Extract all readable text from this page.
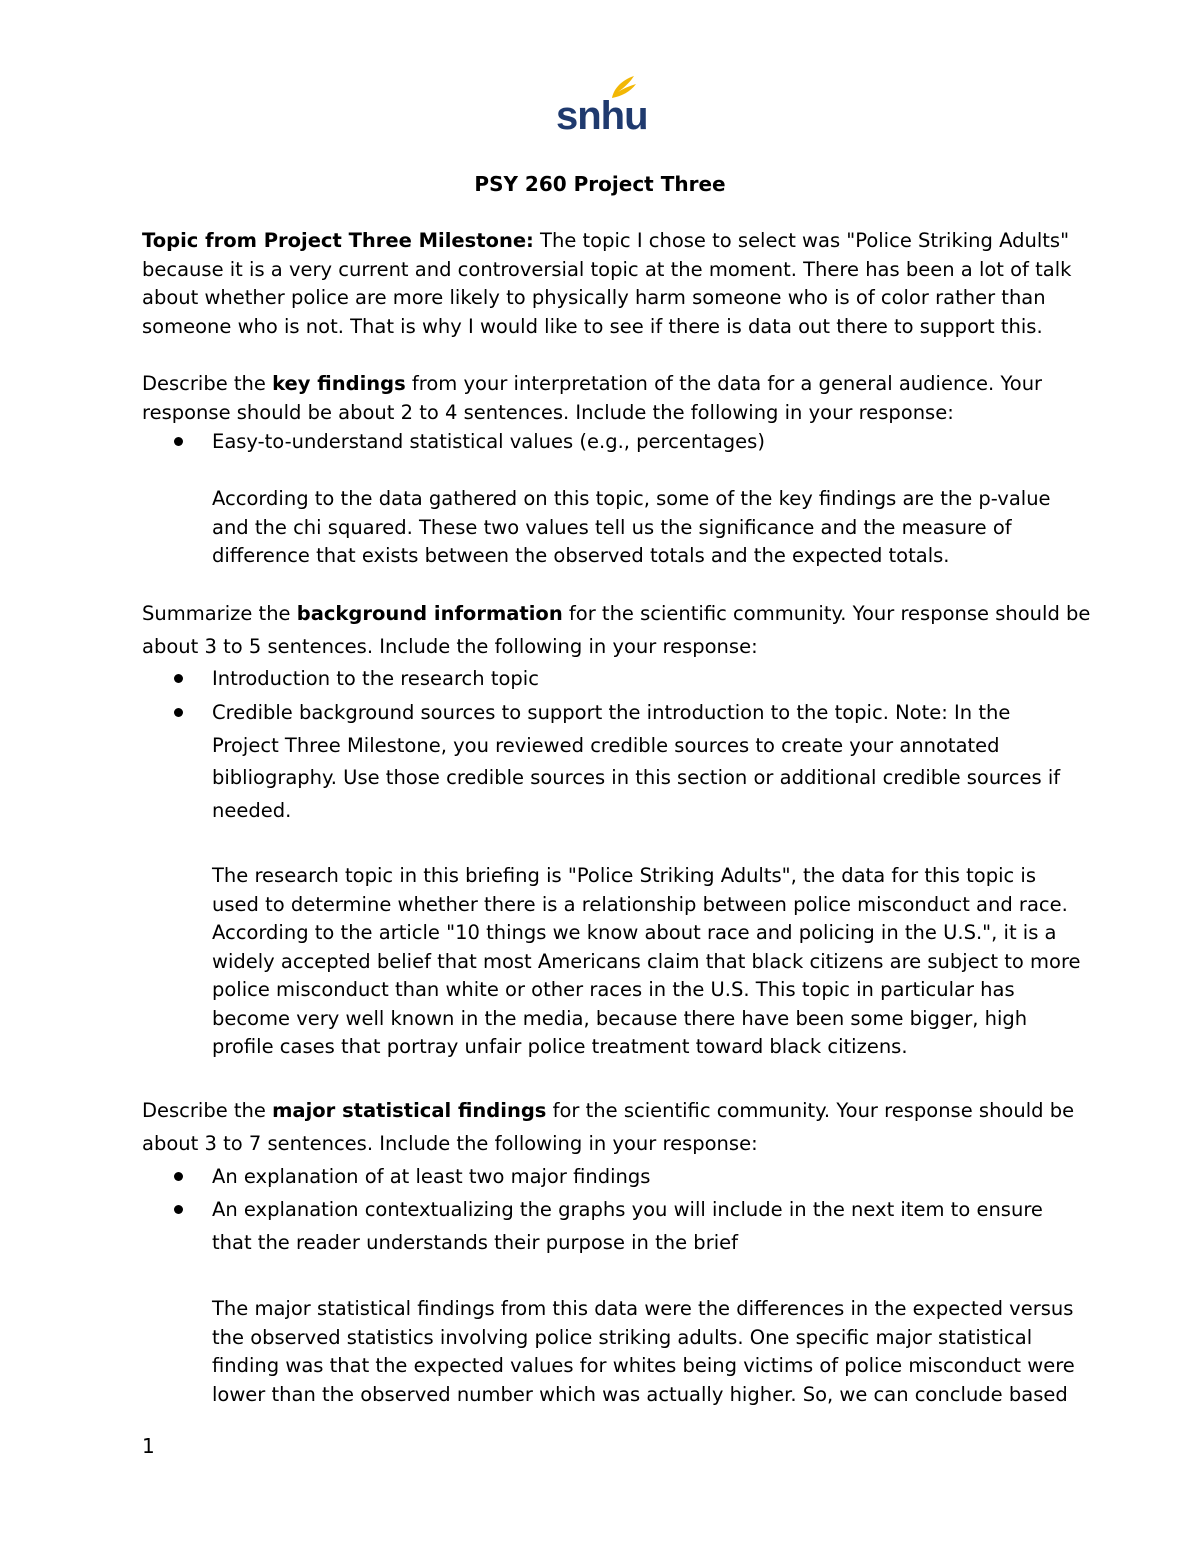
snhu
PSY 260 Project Three
Topic from Project Three Milestone: The topic I chose to select was "Police Striking Adults"
because it is a very current and controversial topic at the moment. There has been a lot of talk
about whether police are more likely to physically harm someone who is of color rather than
someone who is not. That is why I would like to see if there is data out there to support this.
Describe the key findings from your interpretation of the data for a general audience. Your
response should be about 2 to 4 sentences. Include the following in your response:
Easy-to-understand statistical values (e.g., percentages)
According to the data gathered on this topic, some of the key findings are the p-value
and the chi squared. These two values tell us the significance and the measure of
difference that exists between the observed totals and the expected totals.
Summarize the background information for the scientific community. Your response should be
about 3 to 5 sentences. Include the following in your response:
Introduction to the research topic
Credible background sources to support the introduction to the topic. Note: In the
Project Three Milestone, you reviewed credible sources to create your annotated
bibliography. Use those credible sources in this section or additional credible sources if
needed.
The research topic in this briefing is "Police Striking Adults", the data for this topic is
used to determine whether there is a relationship between police misconduct and race.
According to the article "10 things we know about race and policing in the U.S.", it is a
widely accepted belief that most Americans claim that black citizens are subject to more
police misconduct than white or other races in the U.S. This topic in particular has
become very well known in the media, because there have been some bigger, high
profile cases that portray unfair police treatment toward black citizens.
Describe the major statistical findings for the scientific community. Your response should be
about 3 to 7 sentences. Include the following in your response:
An explanation of at least two major findings
An explanation contextualizing the graphs you will include in the next item to ensure
that the reader understands their purpose in the brief
The major statistical findings from this data were the differences in the expected versus
the observed statistics involving police striking adults. One specific major statistical
finding was that the expected values for whites being victims of police misconduct were
lower than the observed number which was actually higher. So, we can conclude based
1
